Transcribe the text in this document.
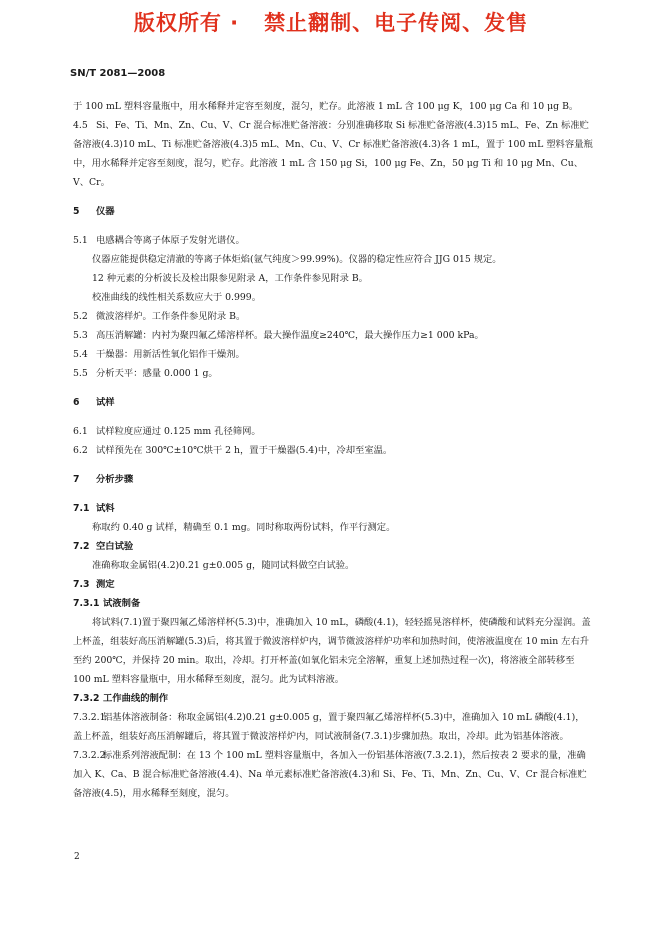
版权所有 ·   禁止翻制、电子传阅、发售
SN/T 2081—2008

于 100 mL 塑料容量瓶中，用水稀释并定容至刻度，混匀，贮存。此溶液 1 mL 含 100 μg K，100 μg Ca 和 10 μg B。

4.5 Si、Fe、Ti、Mn、Zn、Cu、V、Cr 混合标准贮备溶液：分别准确移取 Si 标准贮备溶液(4.3)15 mL、Fe、Zn 标准贮备溶液(4.3)10 mL、Ti 标准贮备溶液(4.3)5 mL、Mn、Cu、V、Cr 标准贮备溶液(4.3)各 1 mL，置于 100 mL 塑料容量瓶中，用水稀释并定容至刻度，混匀，贮存。此溶液 1 mL 含 150 μg Si，100 μg Fe、Zn，50 μg Ti 和 10 μg Mn、Cu、V、Cr。

5 仪器

5.1 电感耦合等离子体原子发射光谱仪。

仪器应能提供稳定清澈的等离子体炬焰(氩气纯度＞99.99%)。仪器的稳定性应符合 JJG 015 规定。

12 种元素的分析波长及检出限参见附录 A，工作条件参见附录 B。

校准曲线的线性相关系数应大于 0.999。

5.2 微波溶样炉。工作条件参见附录 B。

5.3 高压消解罐：内衬为聚四氟乙烯溶样杯。最大操作温度≥240℃，最大操作压力≥1 000 kPa。

5.4 干燥器：用新活性氧化铝作干燥剂。

5.5 分析天平：感量 0.000 1 g。

6 试样

6.1 试样粒度应通过 0.125 mm 孔径筛网。

6.2 试样预先在 300℃±10℃烘干 2 h，置于干燥器(5.4)中，冷却至室温。

7 分析步骤

7.1 试料

称取约 0.40 g 试样，精确至 0.1 mg。同时称取两份试料，作平行测定。

7.2 空白试验

准确称取金属铝(4.2)0.21 g±0.005 g，随同试料做空白试验。

7.3 测定

7.3.1 试液制备

将试料(7.1)置于聚四氟乙烯溶样杯(5.3)中，准确加入 10 mL，磷酸(4.1)，轻轻摇晃溶样杯，使磷酸和试料充分湿润。盖上杯盖，组装好高压消解罐(5.3)后，将其置于微波溶样炉内，调节微波溶样炉功率和加热时间，使溶液温度在 10 min 左右升至约 200℃，并保持 20 min。取出，冷却。打开杯盖(如氧化铝未完全溶解，重复上述加热过程一次)，将溶液全部转移至 100 mL 塑料容量瓶中，用水稀释至刻度，混匀。此为试料溶液。

7.3.2 工作曲线的制作

7.3.2.1铝基体溶液制备：称取金属铝(4.2)0.21 g±0.005 g，置于聚四氟乙烯溶样杯(5.3)中，准确加入 10 mL 磷酸(4.1)，盖上杯盖，组装好高压消解罐后，将其置于微波溶样炉内，同试液制备(7.3.1)步骤加热。取出，冷却。此为铝基体溶液。

7.3.2.2标准系列溶液配制：在 13 个 100 mL 塑料容量瓶中，各加入一份铝基体溶液(7.3.2.1)，然后按表 2 要求的量，准确加入 K、Ca、B 混合标准贮备溶液(4.4)、Na 单元素标准贮备溶液(4.3)和 Si、Fe、Ti、Mn、Zn、Cu、V、Cr 混合标准贮备溶液(4.5)，用水稀释至刻度，混匀。

2
